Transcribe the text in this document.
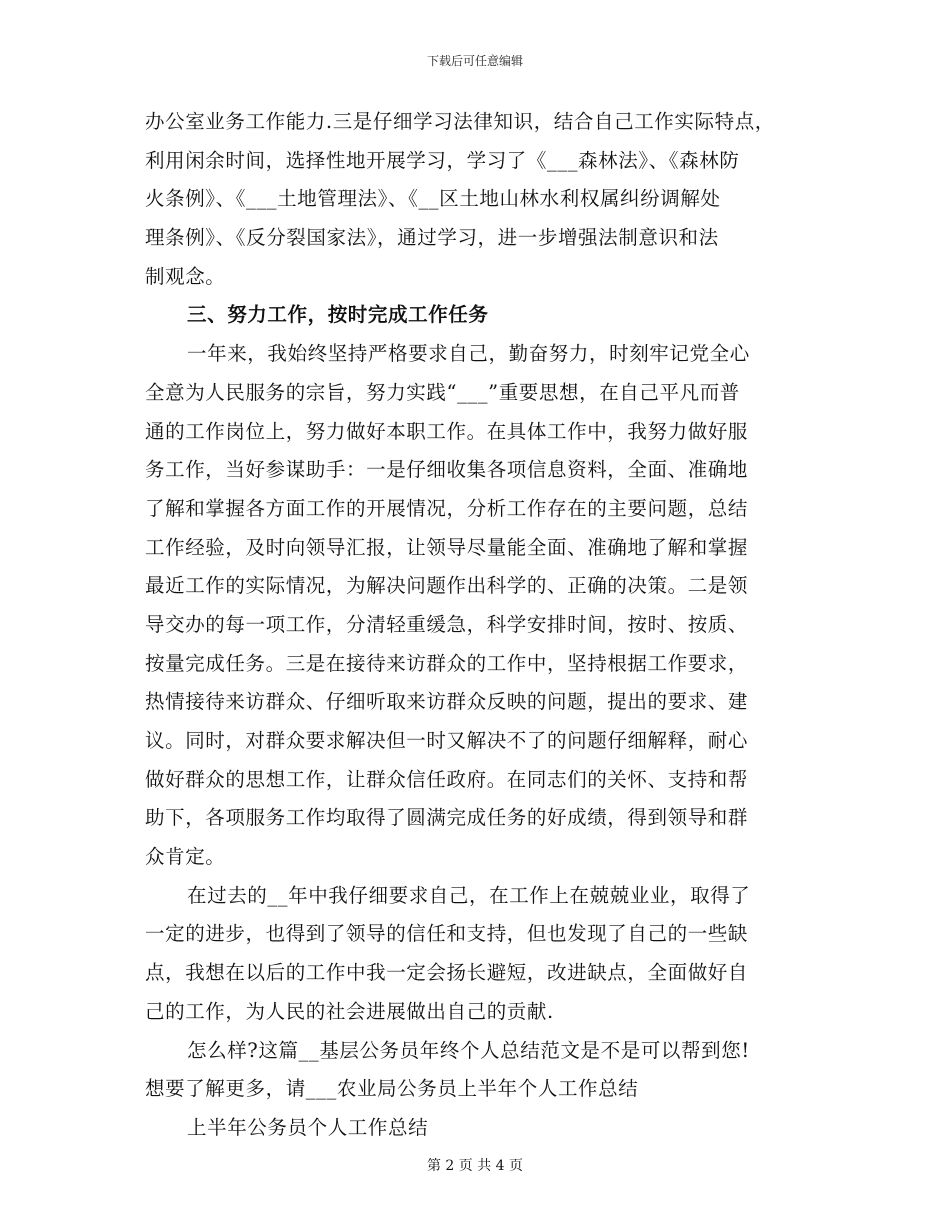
下载后可任意编辑
办公室业务工作能力.三是仔细学习法律知识，结合自己工作实际特点，
利用闲余时间，选择性地开展学习，学习了《___森林法》、《森林防
火条例》、《___土地管理法》、《__区土地山林水利权属纠纷调解处
理条例》、《反分裂国家法》，通过学习，进一步增强法制意识和法
制观念。
三、努力工作，按时完成工作任务
一年来，我始终坚持严格要求自己，勤奋努力，时刻牢记党全心
全意为人民服务的宗旨，努力实践“___”重要思想，在自己平凡而普
通的工作岗位上，努力做好本职工作。在具体工作中，我努力做好服
务工作，当好参谋助手：一是仔细收集各项信息资料，全面、准确地
了解和掌握各方面工作的开展情况，分析工作存在的主要问题，总结
工作经验，及时向领导汇报，让领导尽量能全面、准确地了解和掌握
最近工作的实际情况，为解决问题作出科学的、正确的决策。二是领
导交办的每一项工作，分清轻重缓急，科学安排时间，按时、按质、
按量完成任务。三是在接待来访群众的工作中，坚持根据工作要求，
热情接待来访群众、仔细听取来访群众反映的问题，提出的要求、建
议。同时，对群众要求解决但一时又解决不了的问题仔细解释，耐心
做好群众的思想工作，让群众信任政府。在同志们的关怀、支持和帮
助下，各项服务工作均取得了圆满完成任务的好成绩，得到领导和群
众肯定。
在过去的__年中我仔细要求自己，在工作上在兢兢业业，取得了
一定的进步，也得到了领导的信任和支持，但也发现了自己的一些缺
点，我想在以后的工作中我一定会扬长避短，改进缺点，全面做好自
己的工作，为人民的社会进展做出自己的贡献.
怎么样?这篇__基层公务员年终个人总结范文是不是可以帮到您!
想要了解更多，请___农业局公务员上半年个人工作总结
上半年公务员个人工作总结
第 2 页 共 4 页
